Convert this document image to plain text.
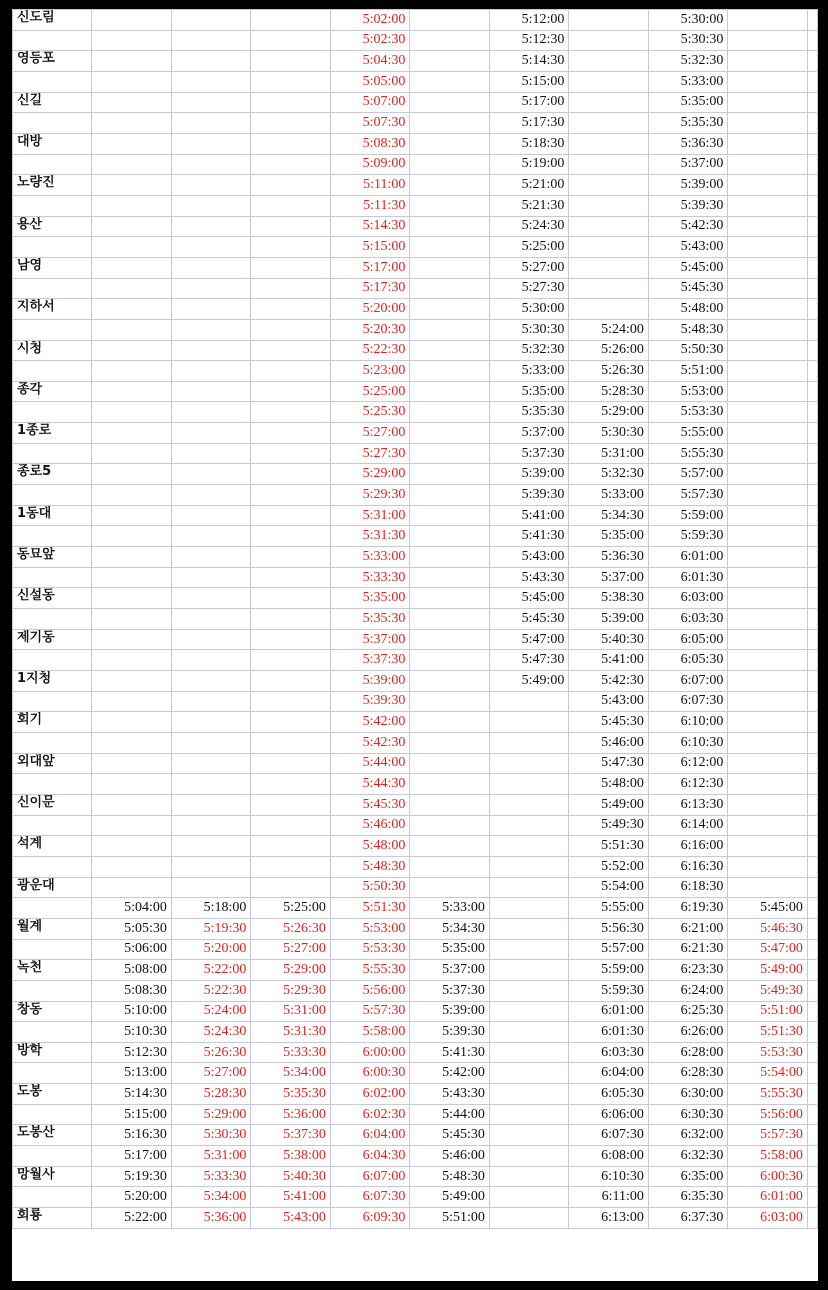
신도림				5:02:00		5:12:00		5:30:00		
				5:02:30		5:12:30		5:30:30		
영등포				5:04:30		5:14:30		5:32:30		
				5:05:00		5:15:00		5:33:00		
신길				5:07:00		5:17:00		5:35:00		
				5:07:30		5:17:30		5:35:30		
대방				5:08:30		5:18:30		5:36:30		
				5:09:00		5:19:00		5:37:00		
노량진				5:11:00		5:21:00		5:39:00		
				5:11:30		5:21:30		5:39:30		
용산				5:14:30		5:24:30		5:42:30		
				5:15:00		5:25:00		5:43:00		
남영				5:17:00		5:27:00		5:45:00		
				5:17:30		5:27:30		5:45:30		
지하서				5:20:00		5:30:00		5:48:00		
				5:20:30		5:30:30	5:24:00	5:48:30		
시청				5:22:30		5:32:30	5:26:00	5:50:30		
				5:23:00		5:33:00	5:26:30	5:51:00		
종각				5:25:00		5:35:00	5:28:30	5:53:00		
				5:25:30		5:35:30	5:29:00	5:53:30		
1종로				5:27:00		5:37:00	5:30:30	5:55:00		
				5:27:30		5:37:30	5:31:00	5:55:30		
종로5				5:29:00		5:39:00	5:32:30	5:57:00		
				5:29:30		5:39:30	5:33:00	5:57:30		
1동대				5:31:00		5:41:00	5:34:30	5:59:00		
				5:31:30		5:41:30	5:35:00	5:59:30		
동묘앞				5:33:00		5:43:00	5:36:30	6:01:00		
				5:33:30		5:43:30	5:37:00	6:01:30		
신설동				5:35:00		5:45:00	5:38:30	6:03:00		
				5:35:30		5:45:30	5:39:00	6:03:30		
제기동				5:37:00		5:47:00	5:40:30	6:05:00		
				5:37:30		5:47:30	5:41:00	6:05:30		
1지청				5:39:00		5:49:00	5:42:30	6:07:00		
				5:39:30			5:43:00	6:07:30		
회기				5:42:00			5:45:30	6:10:00		
				5:42:30			5:46:00	6:10:30		
외대앞				5:44:00			5:47:30	6:12:00		
				5:44:30			5:48:00	6:12:30		
신이문				5:45:30			5:49:00	6:13:30		
				5:46:00			5:49:30	6:14:00		
석계				5:48:00			5:51:30	6:16:00		
				5:48:30			5:52:00	6:16:30		
광운대				5:50:30			5:54:00	6:18:30		
	5:04:00	5:18:00	5:25:00	5:51:30	5:33:00		5:55:00	6:19:30	5:45:00	
월계	5:05:30	5:19:30	5:26:30	5:53:00	5:34:30		5:56:30	6:21:00	5:46:30	
	5:06:00	5:20:00	5:27:00	5:53:30	5:35:00		5:57:00	6:21:30	5:47:00	
녹천	5:08:00	5:22:00	5:29:00	5:55:30	5:37:00		5:59:00	6:23:30	5:49:00	
	5:08:30	5:22:30	5:29:30	5:56:00	5:37:30		5:59:30	6:24:00	5:49:30	
창동	5:10:00	5:24:00	5:31:00	5:57:30	5:39:00		6:01:00	6:25:30	5:51:00	
	5:10:30	5:24:30	5:31:30	5:58:00	5:39:30		6:01:30	6:26:00	5:51:30	
방학	5:12:30	5:26:30	5:33:30	6:00:00	5:41:30		6:03:30	6:28:00	5:53:30	
	5:13:00	5:27:00	5:34:00	6:00:30	5:42:00		6:04:00	6:28:30	5:54:00	
도봉	5:14:30	5:28:30	5:35:30	6:02:00	5:43:30		6:05:30	6:30:00	5:55:30	
	5:15:00	5:29:00	5:36:00	6:02:30	5:44:00		6:06:00	6:30:30	5:56:00	
도봉산	5:16:30	5:30:30	5:37:30	6:04:00	5:45:30		6:07:30	6:32:00	5:57:30	
	5:17:00	5:31:00	5:38:00	6:04:30	5:46:00		6:08:00	6:32:30	5:58:00	
망월사	5:19:30	5:33:30	5:40:30	6:07:00	5:48:30		6:10:30	6:35:00	6:00:30	
	5:20:00	5:34:00	5:41:00	6:07:30	5:49:00		6:11:00	6:35:30	6:01:00	
회룡	5:22:00	5:36:00	5:43:00	6:09:30	5:51:00		6:13:00	6:37:30	6:03:00	
